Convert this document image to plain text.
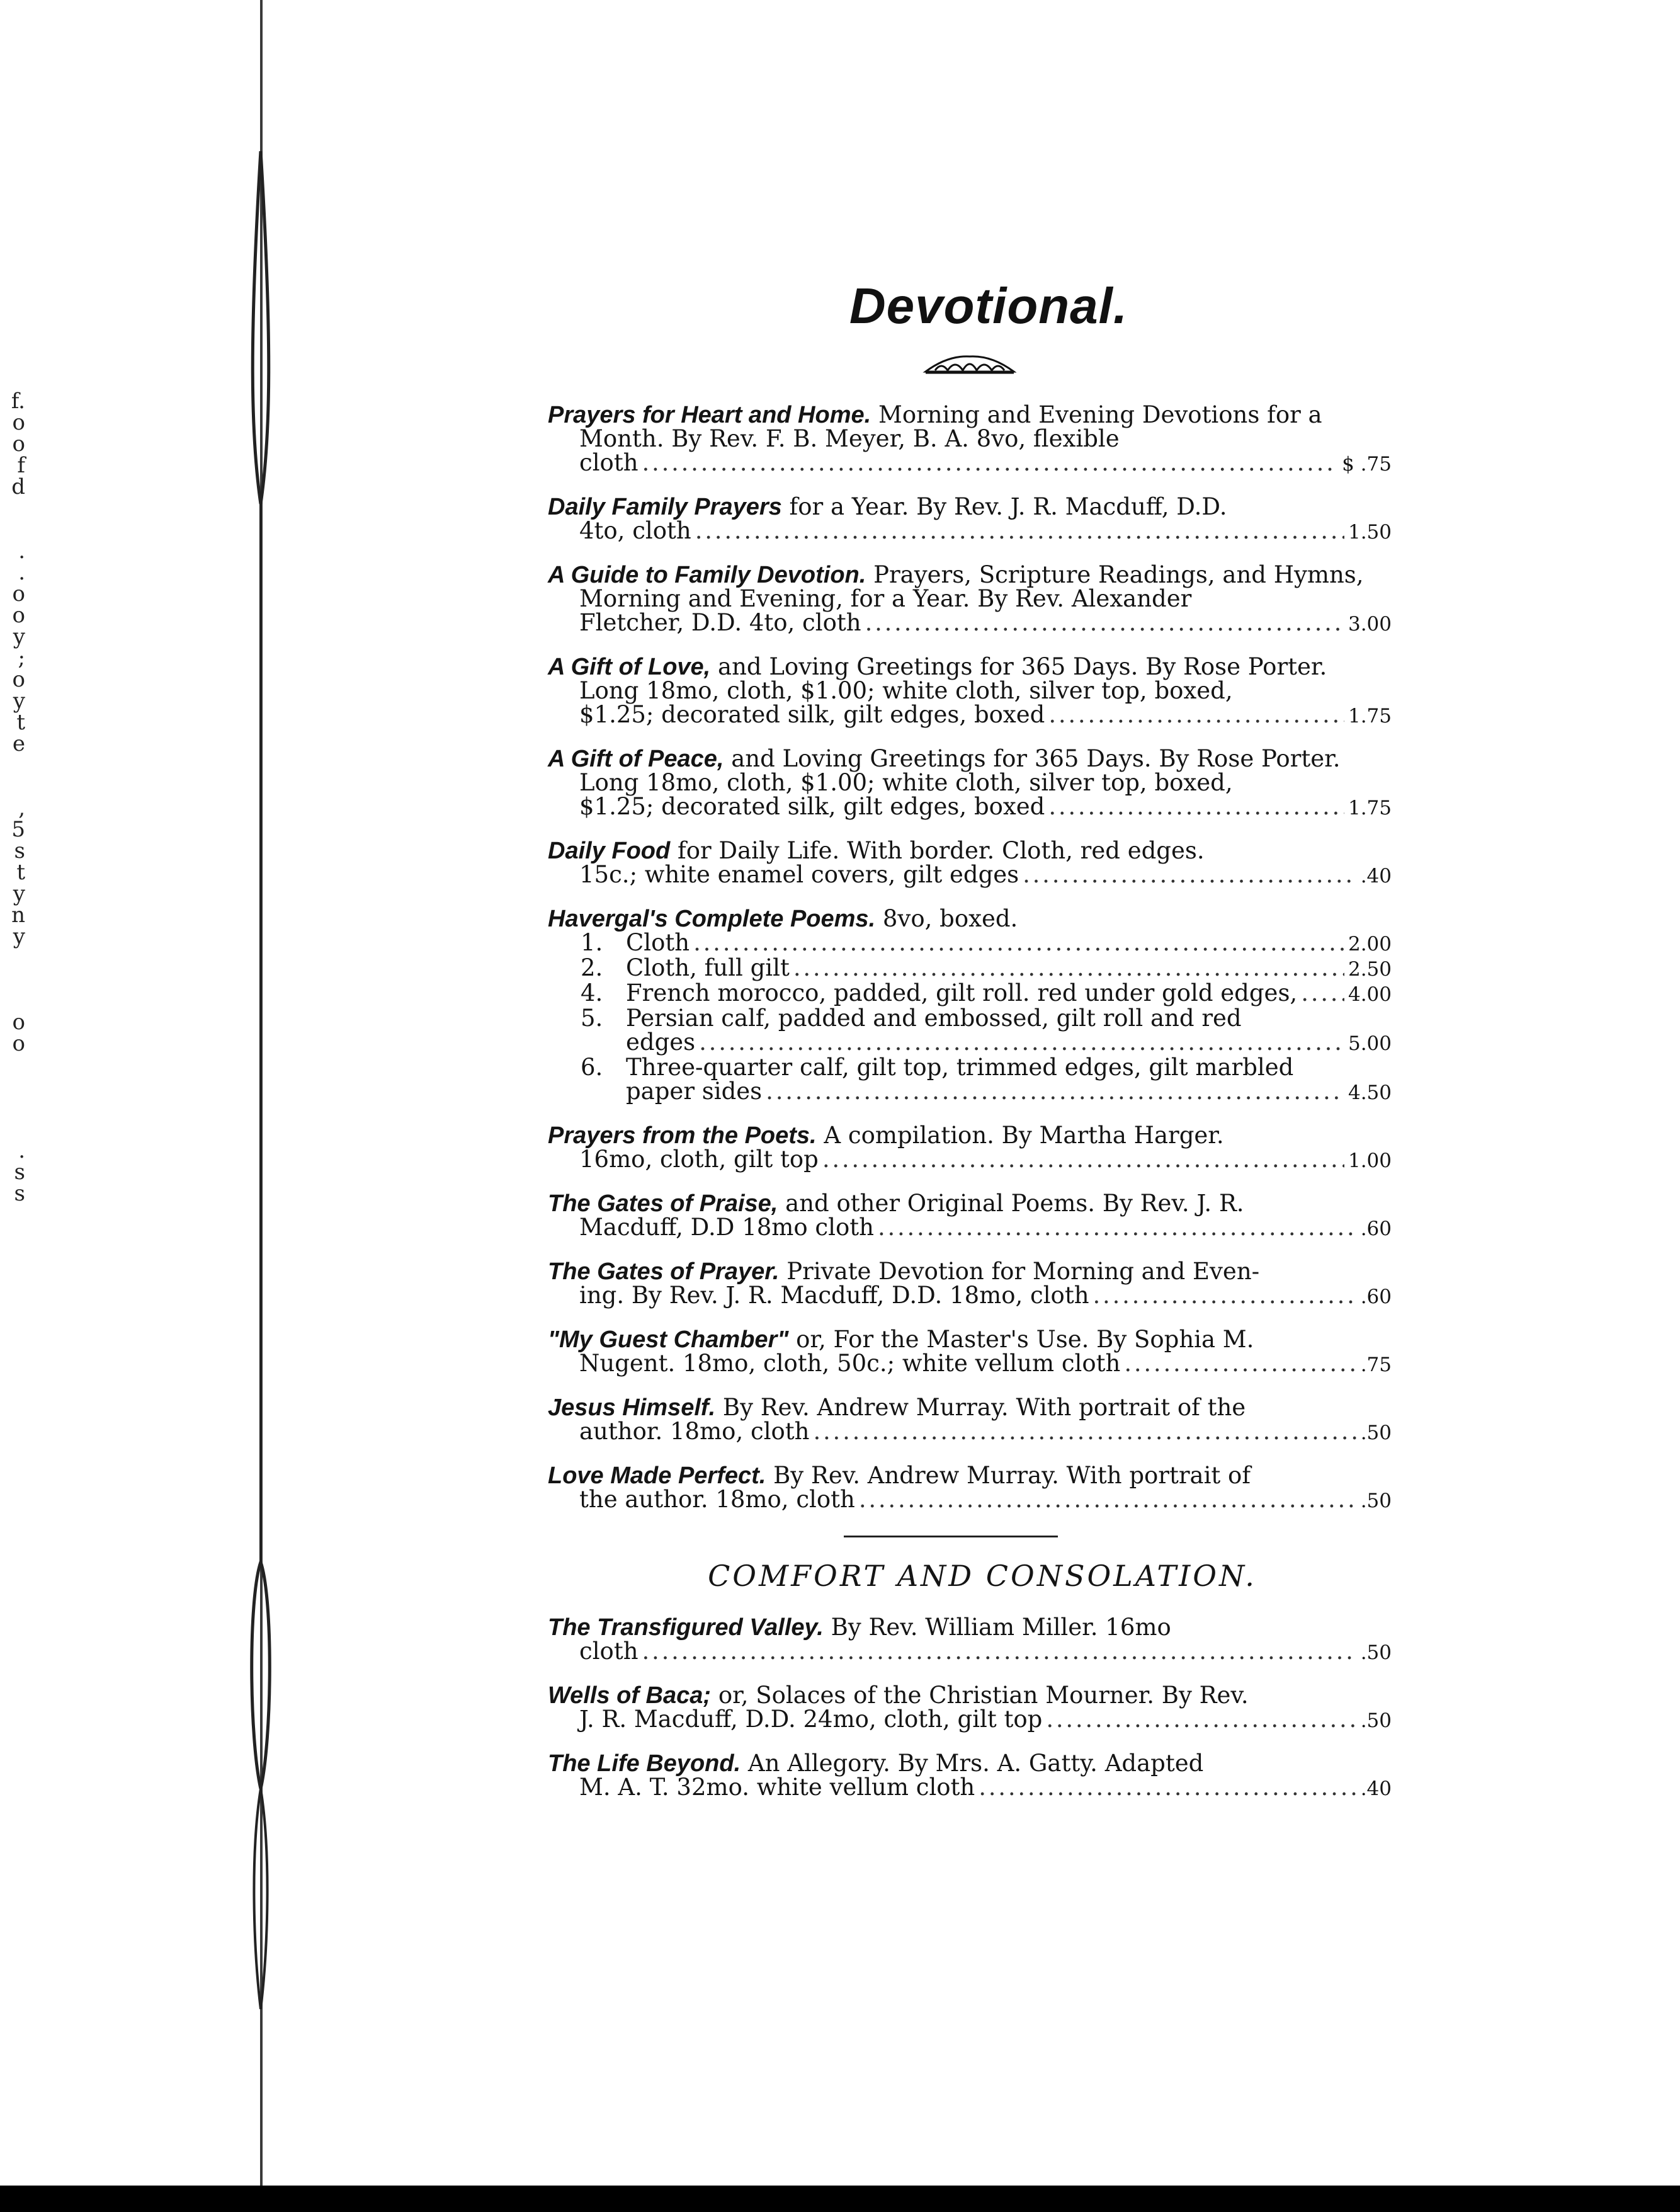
f.
o
o
f
d
.
.
o
o
y
;
o
y
t
e
,
5
s
t
y
n
y
o
o
.
s
s
Devotional.
Prayers for Heart and Home. Morning and Evening Devotions for a Month. By Rev. F. B. Meyer, B. A. 8vo, flexible
cloth . . .	$ .75
Daily Family Prayers for a Year. By Rev. J. R. Macduff, D.D.
4to, cloth . . .	1.50
A Guide to Family Devotion. Prayers, Scripture Readings, and Hymns, Morning and Evening, for a Year. By Rev. Alexander
Fletcher, D.D. 4to, cloth . . .	3.00
A Gift of Love, and Loving Greetings for 365 Days. By Rose Porter. Long 18mo, cloth, $1.00; white cloth, silver top, boxed,
$1.25; decorated silk, gilt edges, boxed . . .	1.75
A Gift of Peace, and Loving Greetings for 365 Days. By Rose Porter. Long 18mo, cloth, $1.00; white cloth, silver top, boxed,
$1.25; decorated silk, gilt edges, boxed . . .	1.75
Daily Food for Daily Life. With border. Cloth, red edges.
15c.; white enamel covers, gilt edges . . .	.40
Havergal's Complete Poems. 8vo, boxed.
1. Cloth . . .	2.00
2. Cloth, full gilt . . .	2.50
4. French morocco, padded, gilt roll. red under gold edges, . . .	4.00
5. Persian calf, padded and embossed, gilt roll and red
edges . . .	5.00
6. Three-quarter calf, gilt top, trimmed edges, gilt marbled
paper sides . . .	4.50
Prayers from the Poets. A compilation. By Martha Harger.
16mo, cloth, gilt top . . .	1.00
The Gates of Praise, and other Original Poems. By Rev. J. R.
Macduff, D.D 18mo cloth . . .	.60
The Gates of Prayer. Private Devotion for Morning and Even-
ing. By Rev. J. R. Macduff, D.D. 18mo, cloth . . .	.60
"My Guest Chamber" or, For the Master's Use. By Sophia M.
Nugent. 18mo, cloth, 50c.; white vellum cloth . . .	.75
Jesus Himself. By Rev. Andrew Murray. With portrait of the
author. 18mo, cloth . . .	.50
Love Made Perfect. By Rev. Andrew Murray. With portrait of
the author. 18mo, cloth . . .	.50
COMFORT AND CONSOLATION.
The Transfigured Valley. By Rev. William Miller. 16mo
cloth . . .	.50
Wells of Baca; or, Solaces of the Christian Mourner. By Rev.
J. R. Macduff, D.D. 24mo, cloth, gilt top . . .	.50
The Life Beyond. An Allegory. By Mrs. A. Gatty. Adapted
M. A. T. 32mo. white vellum cloth . . .	.40
